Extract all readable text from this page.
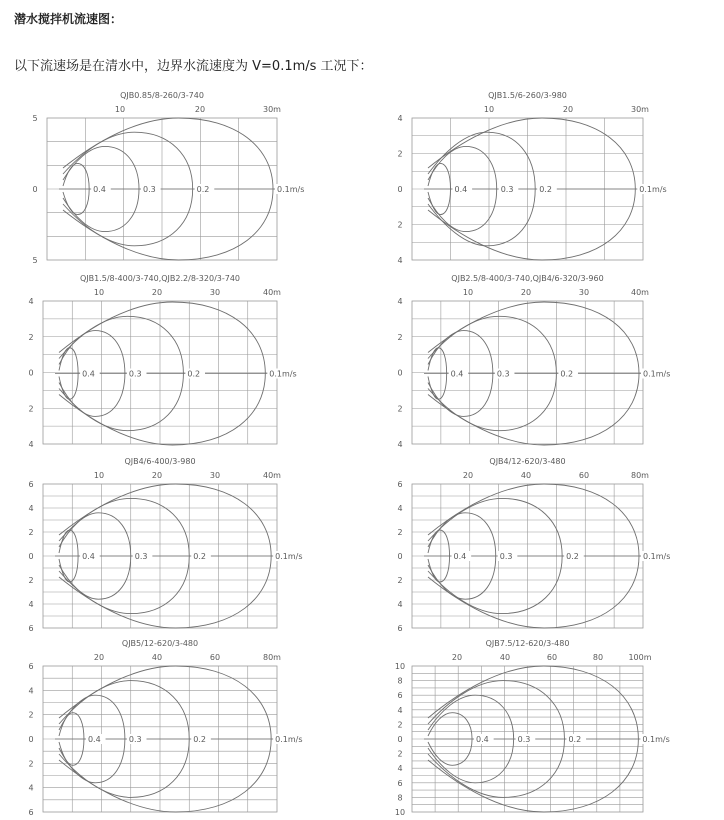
潜水搅拌机流速图：
以下流速场是在清水中，边界水流速度为 V=0.1m/s 工况下：
QJB0.85/8-260/3-740
10	20	30m
5
0
5
0.4	0.3	0.2	0.1m/s
QJB1.5/6-260/3-980
10	20	30m
4
2
0
2
4
0.4	0.3	0.2	0.1m/s
QJB1.5/8-400/3-740,QJB2.2/8-320/3-740
10	20	30	40m
4
2
0
2
4
0.4	0.3	0.2	0.1m/s
QJB2.5/8-400/3-740,QJB4/6-320/3-960
10	20	30	40m
4
2
0
2
4
0.4	0.3	0.2	0.1m/s
QJB4/6-400/3-980
10	20	30	40m
6
4
2
0
2
4
6
0.4	0.3	0.2	0.1m/s
QJB4/12-620/3-480
20	40	60	80m
6
4
2
0
2
4
6
0.4	0.3	0.2	0.1m/s
QJB5/12-620/3-480
20	40	60	80m
6
4
2
0
2
4
6
0.4	0.3	0.2	0.1m/s
QJB7.5/12-620/3-480
20	40	60	80	100m
10
8
6
4
2
0
2
4
6
8
10
0.4	0.3	0.2	0.1m/s
